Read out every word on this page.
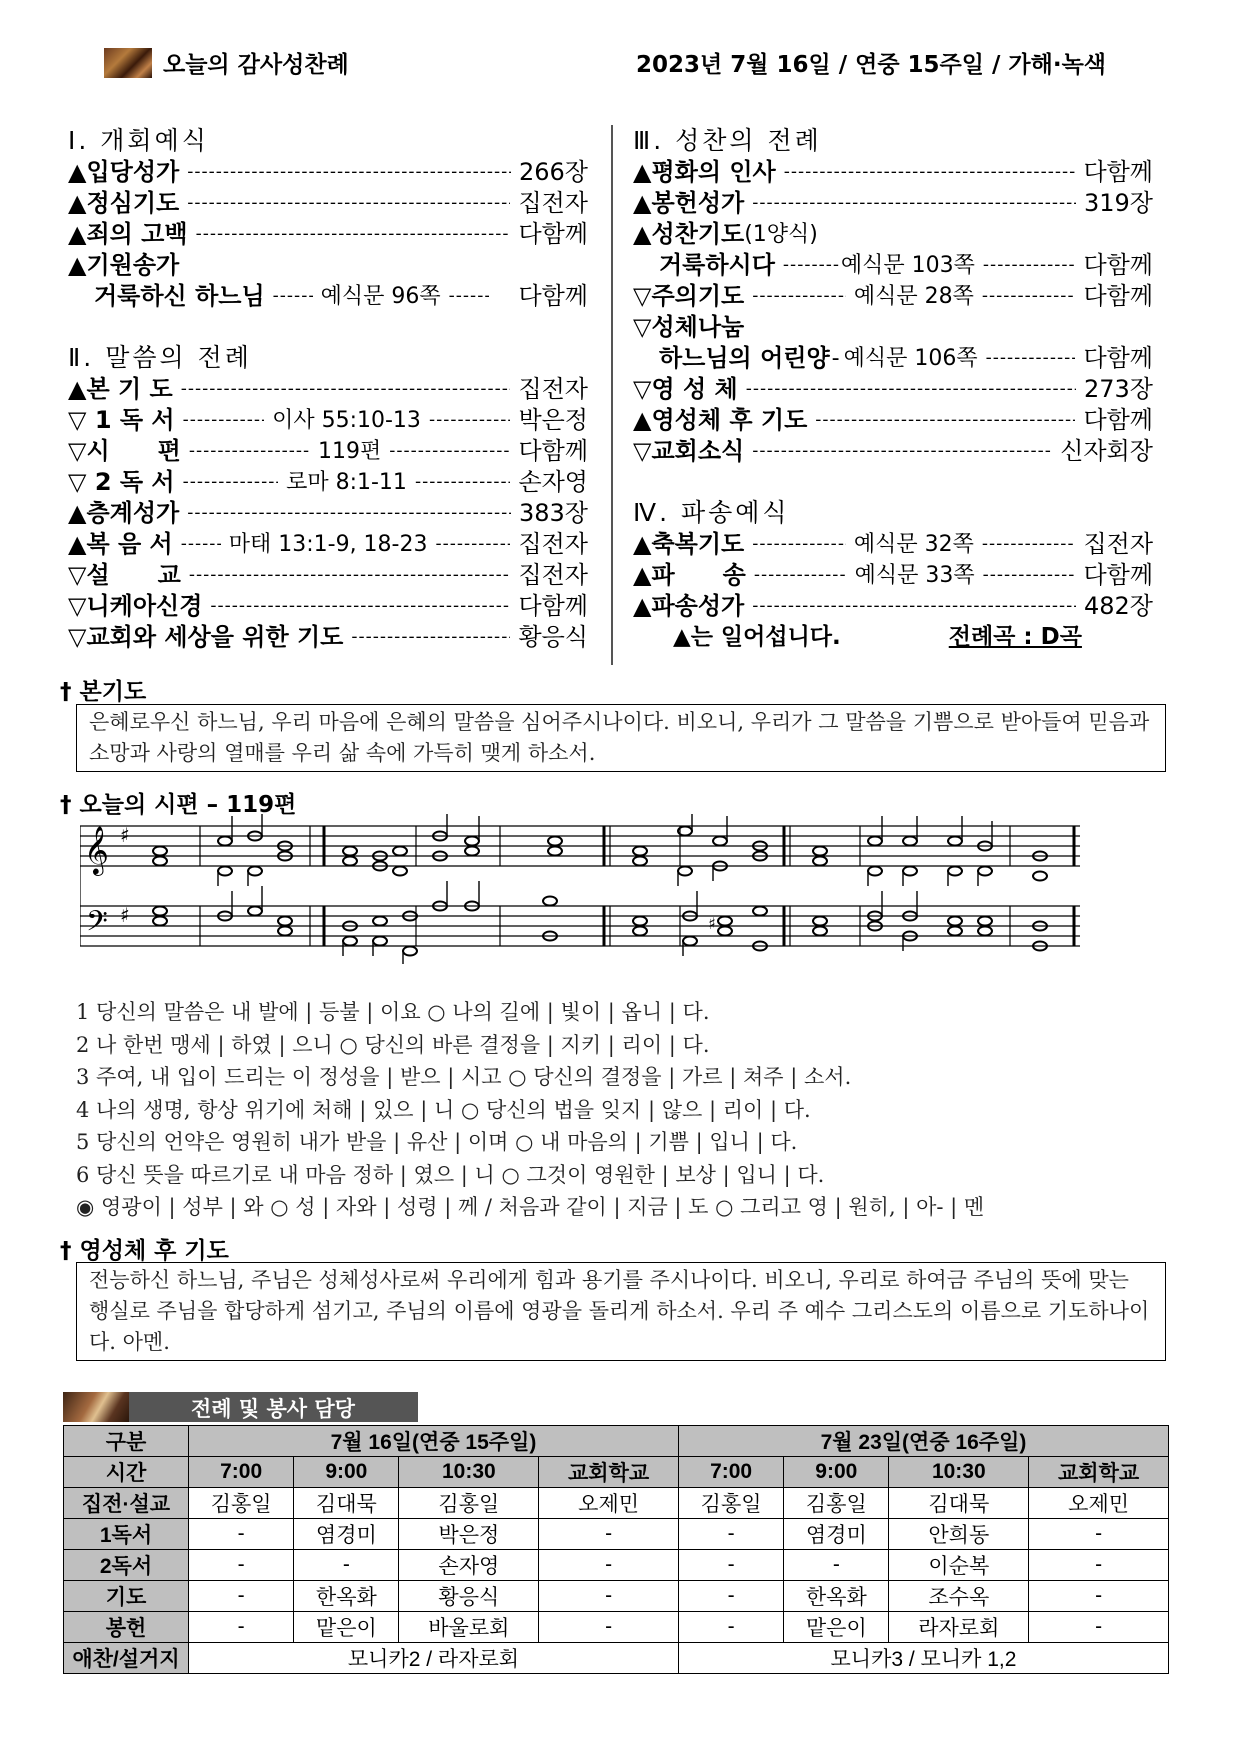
오늘의 감사성찬례	2023년 7월 16일 / 연중 15주일 / 가해·녹색
Ⅰ. 개회예식
▲입당성가 -----	266장
▲정심기도 -----	집전자
▲죄의 고백 -----	다함께
▲기원송가
거룩하신 하느님 -----	예식문 96쪽 -----	다함께
Ⅱ. 말씀의 전례
▲본 기 도 -----	집전자
▽ 1 독 서 -----	이사 55:10-13 -----	박은정
▽시　　편 -----	119편 -----	다함께
▽ 2 독 서 -----	로마 8:1-11 -----	손자영
▲층계성가 -----	383장
▲복 음 서 -----	마태 13:1-9, 18-23 -----	집전자
▽설　　교 -----	집전자
▽니케아신경 -----	다함께
▽교회와 세상을 위한 기도 -----	황응식
Ⅲ. 성찬의 전례
▲평화의 인사 -----	다함께
▲봉헌성가 -----	319장
▲성찬기도 (1양식)
거룩하시다 -----	예식문 103쪽 -----	다함께
▽주의기도 -----	예식문 28쪽 -----	다함께
▽성체나눔
하느님의 어린양 - 예식문 106쪽 -----	다함께
▽영 성 체 -----	273장
▲영성체 후 기도 -----	다함께
▽교회소식 -----	신자회장
Ⅳ. 파송예식
▲축복기도 -----	예식문 32쪽 -----	집전자
▲파　　송 -----	예식문 33쪽 -----	다함께
▲파송성가 -----	482장
▲는 일어섭니다.	전례곡 : D곡
† 본기도
은혜로우신 하느님, 우리 마음에 은혜의 말씀을 심어주시나이다. 비오니, 우리가 그 말씀을 기쁨으로 받아들여 믿음과 소망과 사랑의 열매를 우리 삶 속에 가득히 맺게 하소서.
† 오늘의 시편 – 119편
𝄞
𝄢
♯
♯	♯
1 당신의 말씀은 내 발에 | 등불 | 이요 ○ 나의 길에 | 빛이 | 옵니 | 다.
2 나 한번 맹세 | 하였 | 으니 ○ 당신의 바른 결정을 | 지키 | 리이 | 다.
3 주여, 내 입이 드리는 이 정성을 | 받으 | 시고 ○ 당신의 결정을 | 가르 | 쳐주 | 소서.
4 나의 생명, 항상 위기에 처해 | 있으 | 니 ○ 당신의 법을 잊지 | 않으 | 리이 | 다.
5 당신의 언약은 영원히 내가 받을 | 유산 | 이며 ○ 내 마음의 | 기쁨 | 입니 | 다.
6 당신 뜻을 따르기로 내 마음 정하 | 였으 | 니 ○ 그것이 영원한 | 보상 | 입니 | 다.
◉ 영광이 | 성부 | 와 ○ 성 | 자와 | 성령 | 께 / 처음과 같이 | 지금 | 도 ○ 그리고 영 | 원히, | 아- | 멘
† 영성체 후 기도
전능하신 하느님, 주님은 성체성사로써 우리에게 힘과 용기를 주시나이다. 비오니, 우리로 하여금 주님의 뜻에 맞는 행실로 주님을 합당하게 섬기고, 주님의 이름에 영광을 돌리게 하소서. 우리 주 예수 그리스도의 이름으로 기도하나이다. 아멘.
전례 및 봉사 담당
구분	7월 16일(연중 15주일)				7월 23일(연중 16주일)			
시간	7:00	9:00	10:30	교회학교	7:00	9:00	10:30	교회학교
집전·설교	김홍일	김대묵	김홍일	오제민	김홍일	김홍일	김대묵	오제민
1독서	-	염경미	박은정	-	-	염경미	안희동	-
2독서	-	-	손자영	-	-	-	이순복	-
기도	-	한옥화	황응식	-	-	한옥화	조수옥	-
봉헌	-	맡은이	바울로회	-	-	맡은이	라자로회	-
애찬/설거지	모니카2 / 라자로회				모니카3 / 모니카 1,2			
